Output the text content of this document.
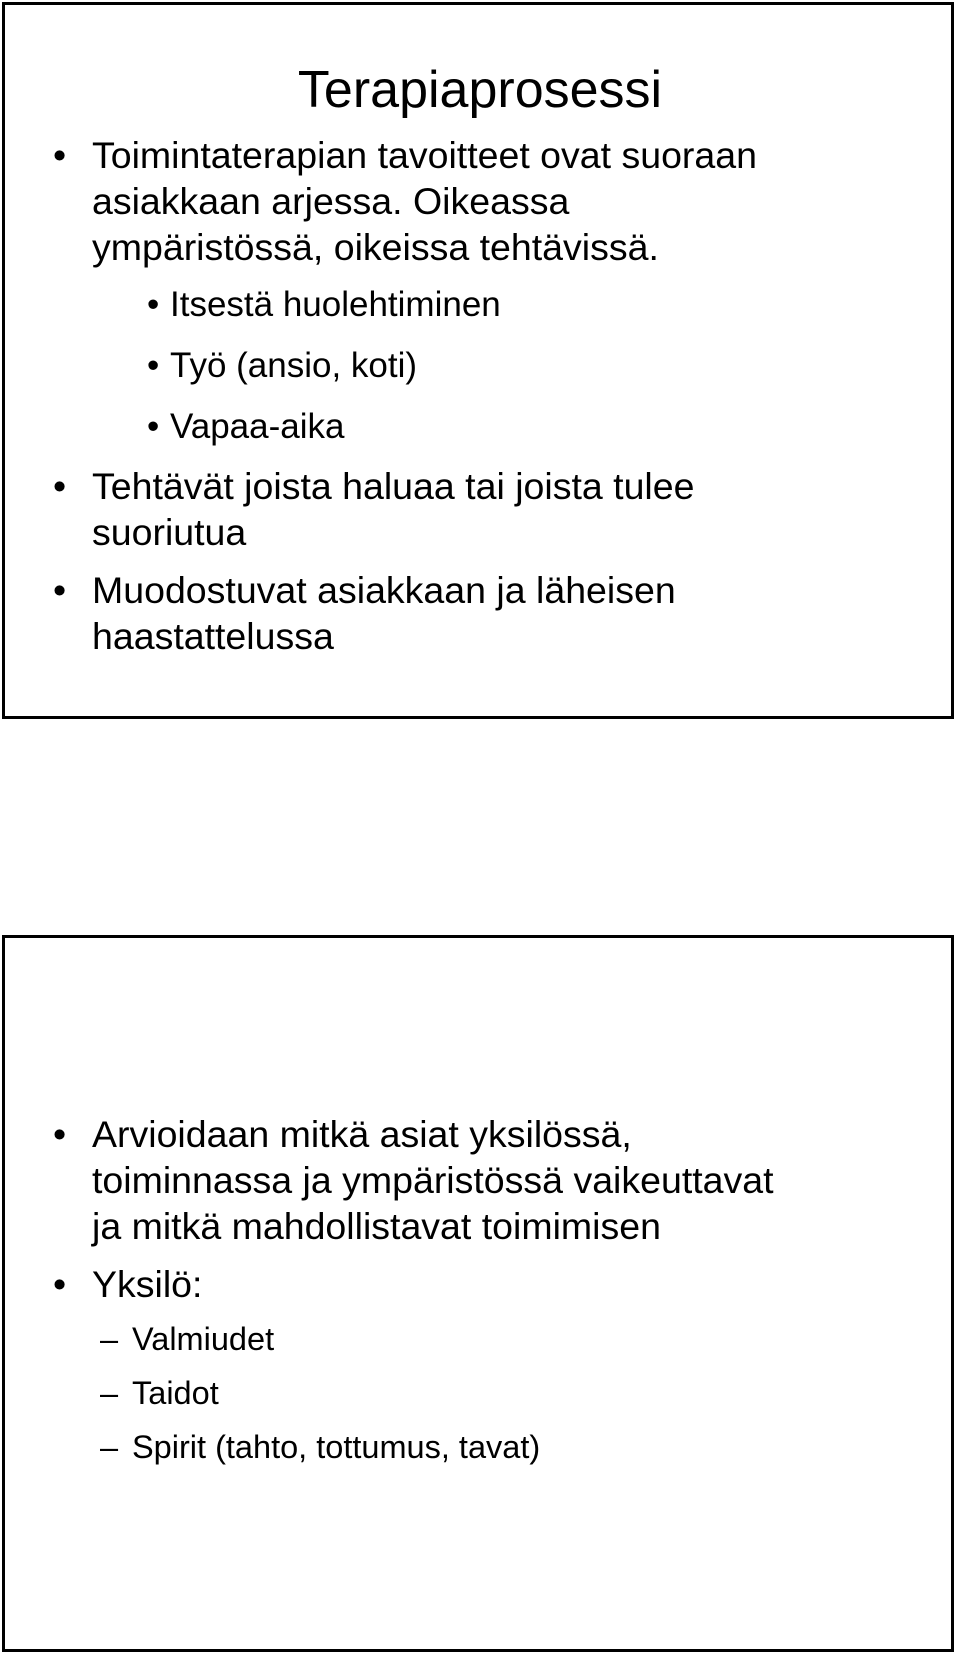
Terapiaprosessi
• Toimintaterapian tavoitteet ovat suoraan
asiakkaan arjessa. Oikeassa
ympäristössä, oikeissa tehtävissä.
• Itsestä huolehtiminen
• Työ (ansio, koti)
• Vapaa-aika
• Tehtävät joista haluaa tai joista tulee
suoriutua
• Muodostuvat asiakkaan ja läheisen
haastattelussa
• Arvioidaan mitkä asiat yksilössä,
toiminnassa ja ympäristössä vaikeuttavat
ja mitkä mahdollistavat toimimisen
• Yksilö:
– Valmiudet
– Taidot
– Spirit (tahto, tottumus, tavat)
